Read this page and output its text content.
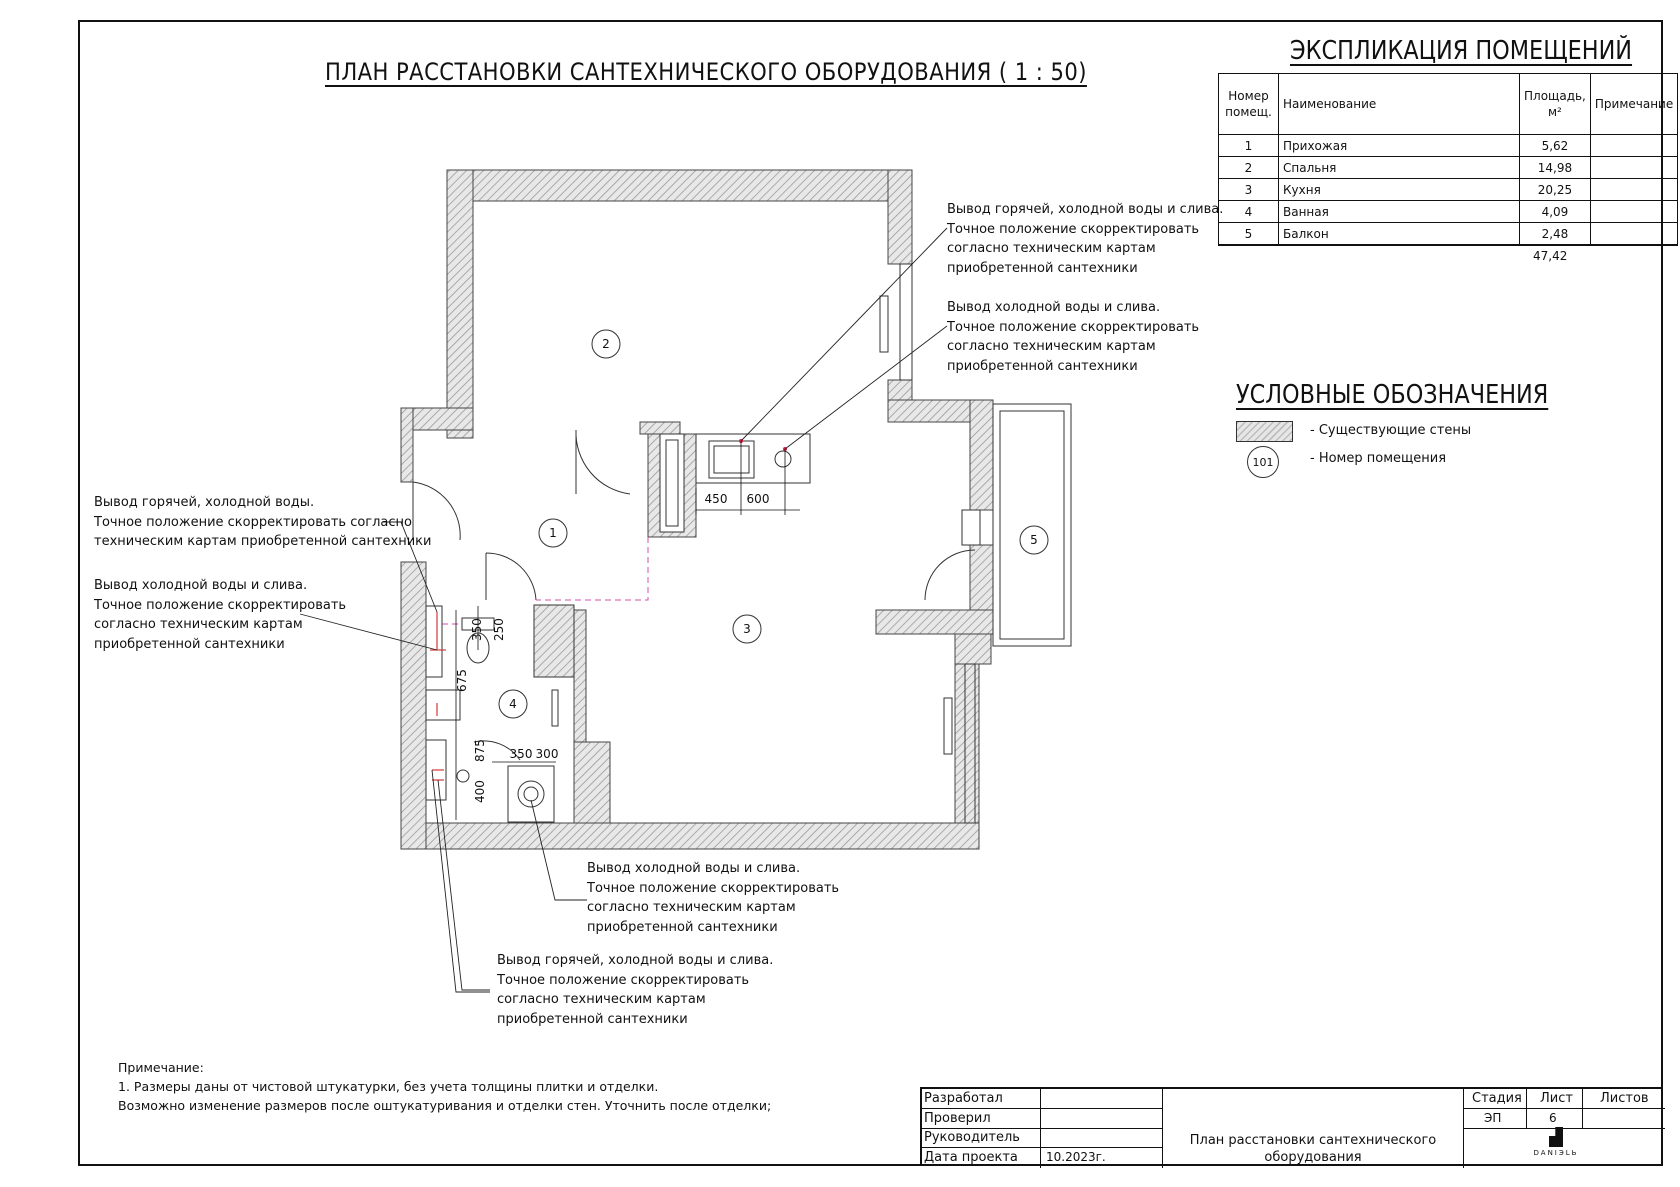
ПЛАН РАССТАНОВКИ САНТЕХНИЧЕСКОГО ОБОРУДОВАНИЯ ( 1 : 50)
ЭКСПЛИКАЦИЯ ПОМЕЩЕНИЙ
Номер помещ.	Наименование	Площадь, м²	Примечание
1	Прихожая	5,62	
2	Спальня	14,98	
3	Кухня	20,25	
4	Ванная	4,09	
5	Балкон	2,48	
47,42
УСЛОВНЫЕ ОБОЗНАЧЕНИЯ
- Существующие стены
101	- Номер помещения
450 600
350 250
675
875
400
350 300
2
1
3
4
5
Вывод горячей, холодной воды и слива.
Точное положение скорректировать
согласно техническим картам
приобретенной сантехники
Вывод холодной воды и слива.
Точное положение скорректировать
согласно техническим картам
приобретенной сантехники
Вывод горячей, холодной воды.
Точное положение скорректировать согласно
техническим картам приобретенной сантехники
Вывод холодной воды и слива.
Точное положение скорректировать
согласно техническим картам
приобретенной сантехники
Вывод холодной воды и слива.
Точное положение скорректировать
согласно техническим картам
приобретенной сантехники
Вывод горячей, холодной воды и слива.
Точное положение скорректировать
согласно техническим картам
приобретенной сантехники
Примечание:
1. Размеры даны от чистовой штукатурки, без учета толщины плитки и отделки.
Возможно изменение размеров после оштукатуривания и отделки стен. Уточнить после отделки;	Разработал
Проверил
Руководитель
Дата проекта 10.2023г.
План расстановки сантехнического оборудования
Стадия Лист Листов
ЭП	6
DANIЭLЬ
